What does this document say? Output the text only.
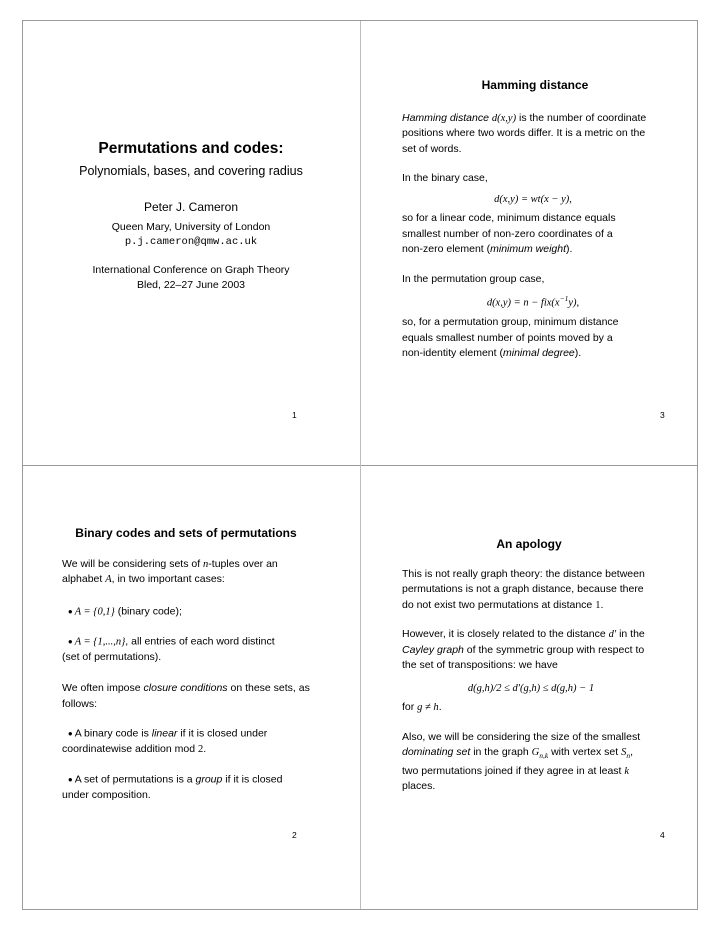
Permutations and codes:
Polynomials, bases, and covering radius
Peter J. Cameron
Queen Mary, University of London
p.j.cameron@qmw.ac.uk
International Conference on Graph Theory
Bled, 22–27 June 2003
1
Hamming distance

Hamming distance d(x,y) is the number of coordinate
positions where two words differ. It is a metric on the
set of words.

In the binary case,

d(x,y) = wt(x − y),

so for a linear code, minimum distance equals
smallest number of non-zero coordinates of a
non-zero element (minimum weight).

In the permutation group case,

$d(x,y) = n - fix(x^{-1}y)$,

so, for a permutation group, minimum distance
equals smallest number of points moved by a
non-identity element (minimal degree).

3
Binary codes and sets of permutations

We will be considering sets of n-tuples over an
alphabet A, in two important cases:

● A = {0,1} (binary code);

● A = {1,...,n}, all entries of each word distinct
(set of permutations).

We often impose closure conditions on these sets, as
follows:

● A binary code is linear if it is closed under
coordinatewise addition mod 2.

● A set of permutations is a group if it is closed
under composition.

2
An apology

This is not really graph theory: the distance between
permutations is not a graph distance, because there
do not exist two permutations at distance 1.

However, it is closely related to the distance d′ in the
Cayley graph of the symmetric group with respect to
the set of transpositions: we have

d(g,h)/2 ≤ d′(g,h) ≤ d(g,h) − 1

for g ≠ h.

Also, we will be considering the size of the smallest
dominating set in the graph $G_{n,k}$ with vertex set $S_n$,
two permutations joined if they agree in at least k
places.

4
